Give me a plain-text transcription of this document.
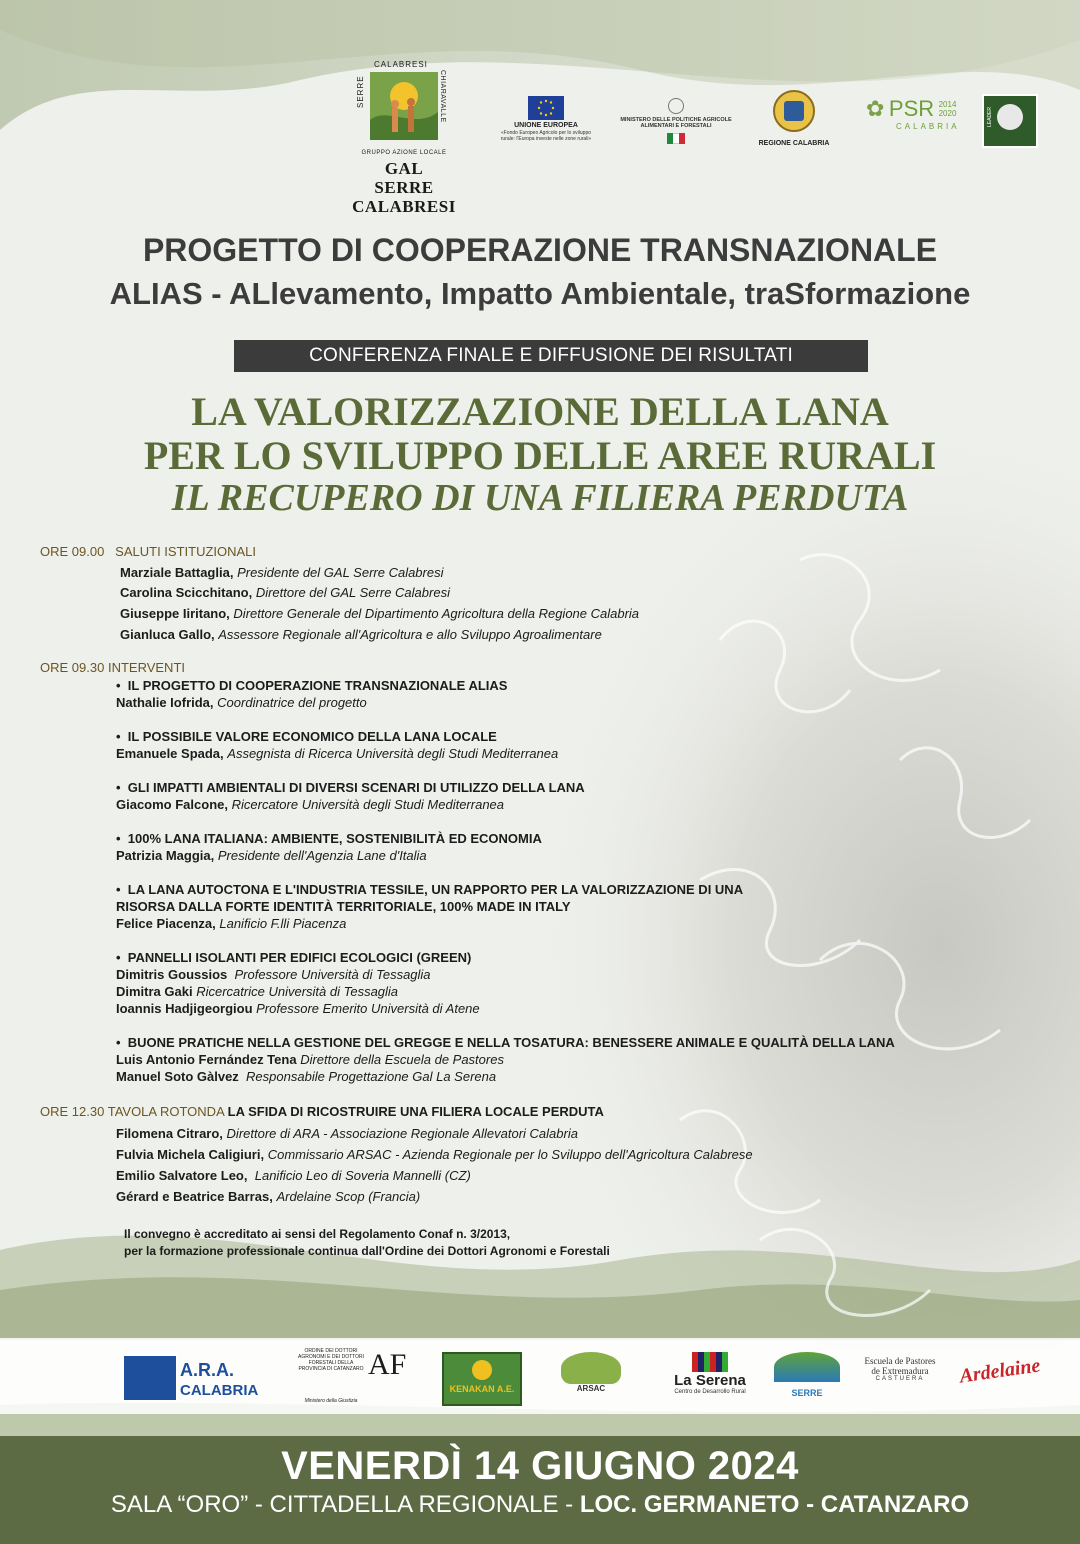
CALABRESI
SERRE	CHIARAVALLE
GRUPPO AZIONE LOCALE
GAL
SERRE CALABRESI
UNIONE EUROPEA
«Fondo Europeo Agricolo per lo sviluppo rurale: l'Europa investe nelle zone rurali»
MINISTERO DELLE POLITICHE AGRICOLE ALIMENTARI E FORESTALI
REGIONE CALABRIA
✿ PSR 2014
2020
CALABRIA	LEADER
PROGETTO DI COOPERAZIONE TRANSNAZIONALE
ALIAS - ALlevamento, Impatto Ambientale, traSformazione
CONFERENZA FINALE E DIFFUSIONE DEI RISULTATI
LA VALORIZZAZIONE DELLA LANA
PER LO SVILUPPO DELLE AREE RURALI
IL RECUPERO DI UNA FILIERA PERDUTA
ORE 09.00 SALUTI ISTITUZIONALI
Marziale Battaglia, Presidente del GAL Serre Calabresi
Carolina Scicchitano, Direttore del GAL Serre Calabresi
Giuseppe Iiritano, Direttore Generale del Dipartimento Agricoltura della Regione Calabria
Gianluca Gallo, Assessore Regionale all'Agricoltura e allo Sviluppo Agroalimentare
ORE 09.30 INTERVENTI
•  IL PROGETTO DI COOPERAZIONE TRANSNAZIONALE ALIAS
Nathalie Iofrida, Coordinatrice del progetto
•  IL POSSIBILE VALORE ECONOMICO DELLA LANA LOCALE
Emanuele Spada, Assegnista di Ricerca Università degli Studi Mediterranea
•  GLI IMPATTI AMBIENTALI DI DIVERSI SCENARI DI UTILIZZO DELLA LANA
Giacomo Falcone, Ricercatore Università degli Studi Mediterranea
•  100% LANA ITALIANA: AMBIENTE, SOSTENIBILITÀ ED ECONOMIA
Patrizia Maggia, Presidente dell'Agenzia Lane d'Italia
•  LA LANA AUTOCTONA E L'INDUSTRIA TESSILE, UN RAPPORTO PER LA VALORIZZAZIONE DI UNA
RISORSA DALLA FORTE IDENTITÀ TERRITORIALE, 100% MADE IN ITALY
Felice Piacenza, Lanificio F.lli Piacenza
•  PANNELLI ISOLANTI PER EDIFICI ECOLOGICI (GREEN)
Dimitris Goussios Professore Università di Tessaglia
Dimitra Gaki Ricercatrice Università di Tessaglia
Ioannis Hadjigeorgiou Professore Emerito Università di Atene
•  BUONE PRATICHE NELLA GESTIONE DEL GREGGE E NELLA TOSATURA: BENESSERE ANIMALE E QUALITÀ DELLA LANA
Luis Antonio Fernández Tena Direttore della Escuela de Pastores
Manuel Soto Gàlvez Responsabile Progettazione Gal La Serena
ORE 12.30 TAVOLA ROTONDA LA SFIDA DI RICOSTRUIRE UNA FILIERA LOCALE PERDUTA
Filomena Citraro, Direttore di ARA - Associazione Regionale Allevatori Calabria
Fulvia Michela Caligiuri, Commissario ARSAC - Azienda Regionale per lo Sviluppo dell'Agricoltura Calabrese
Emilio Salvatore Leo, Lanificio Leo di Soveria Mannelli (CZ)
Gérard e Beatrice Barras, Ardelaine Scop (Francia)
Il convegno è accreditato ai sensi del Regolamento Conaf n. 3/2013,
per la formazione professionale continua dall'Ordine dei Dottori Agronomi e Forestali
A.R.A.
CALABRIA
ORDINE DEI DOTTORI AGRONOMI E DEI DOTTORI FORESTALI DELLA PROVINCIA DI CATANZARO AF
Ministero della Giustizia
KENAKAN A.E.	ARSAC	La Serena
Centro de Desarrollo Rural	SERRE
Escuela de Pastores de Extremadura
CASTUERA	Ardelaine
VENERDÌ 14 GIUGNO 2024
SALA “ORO” - CITTADELLA REGIONALE - LOC. GERMANETO - CATANZARO
